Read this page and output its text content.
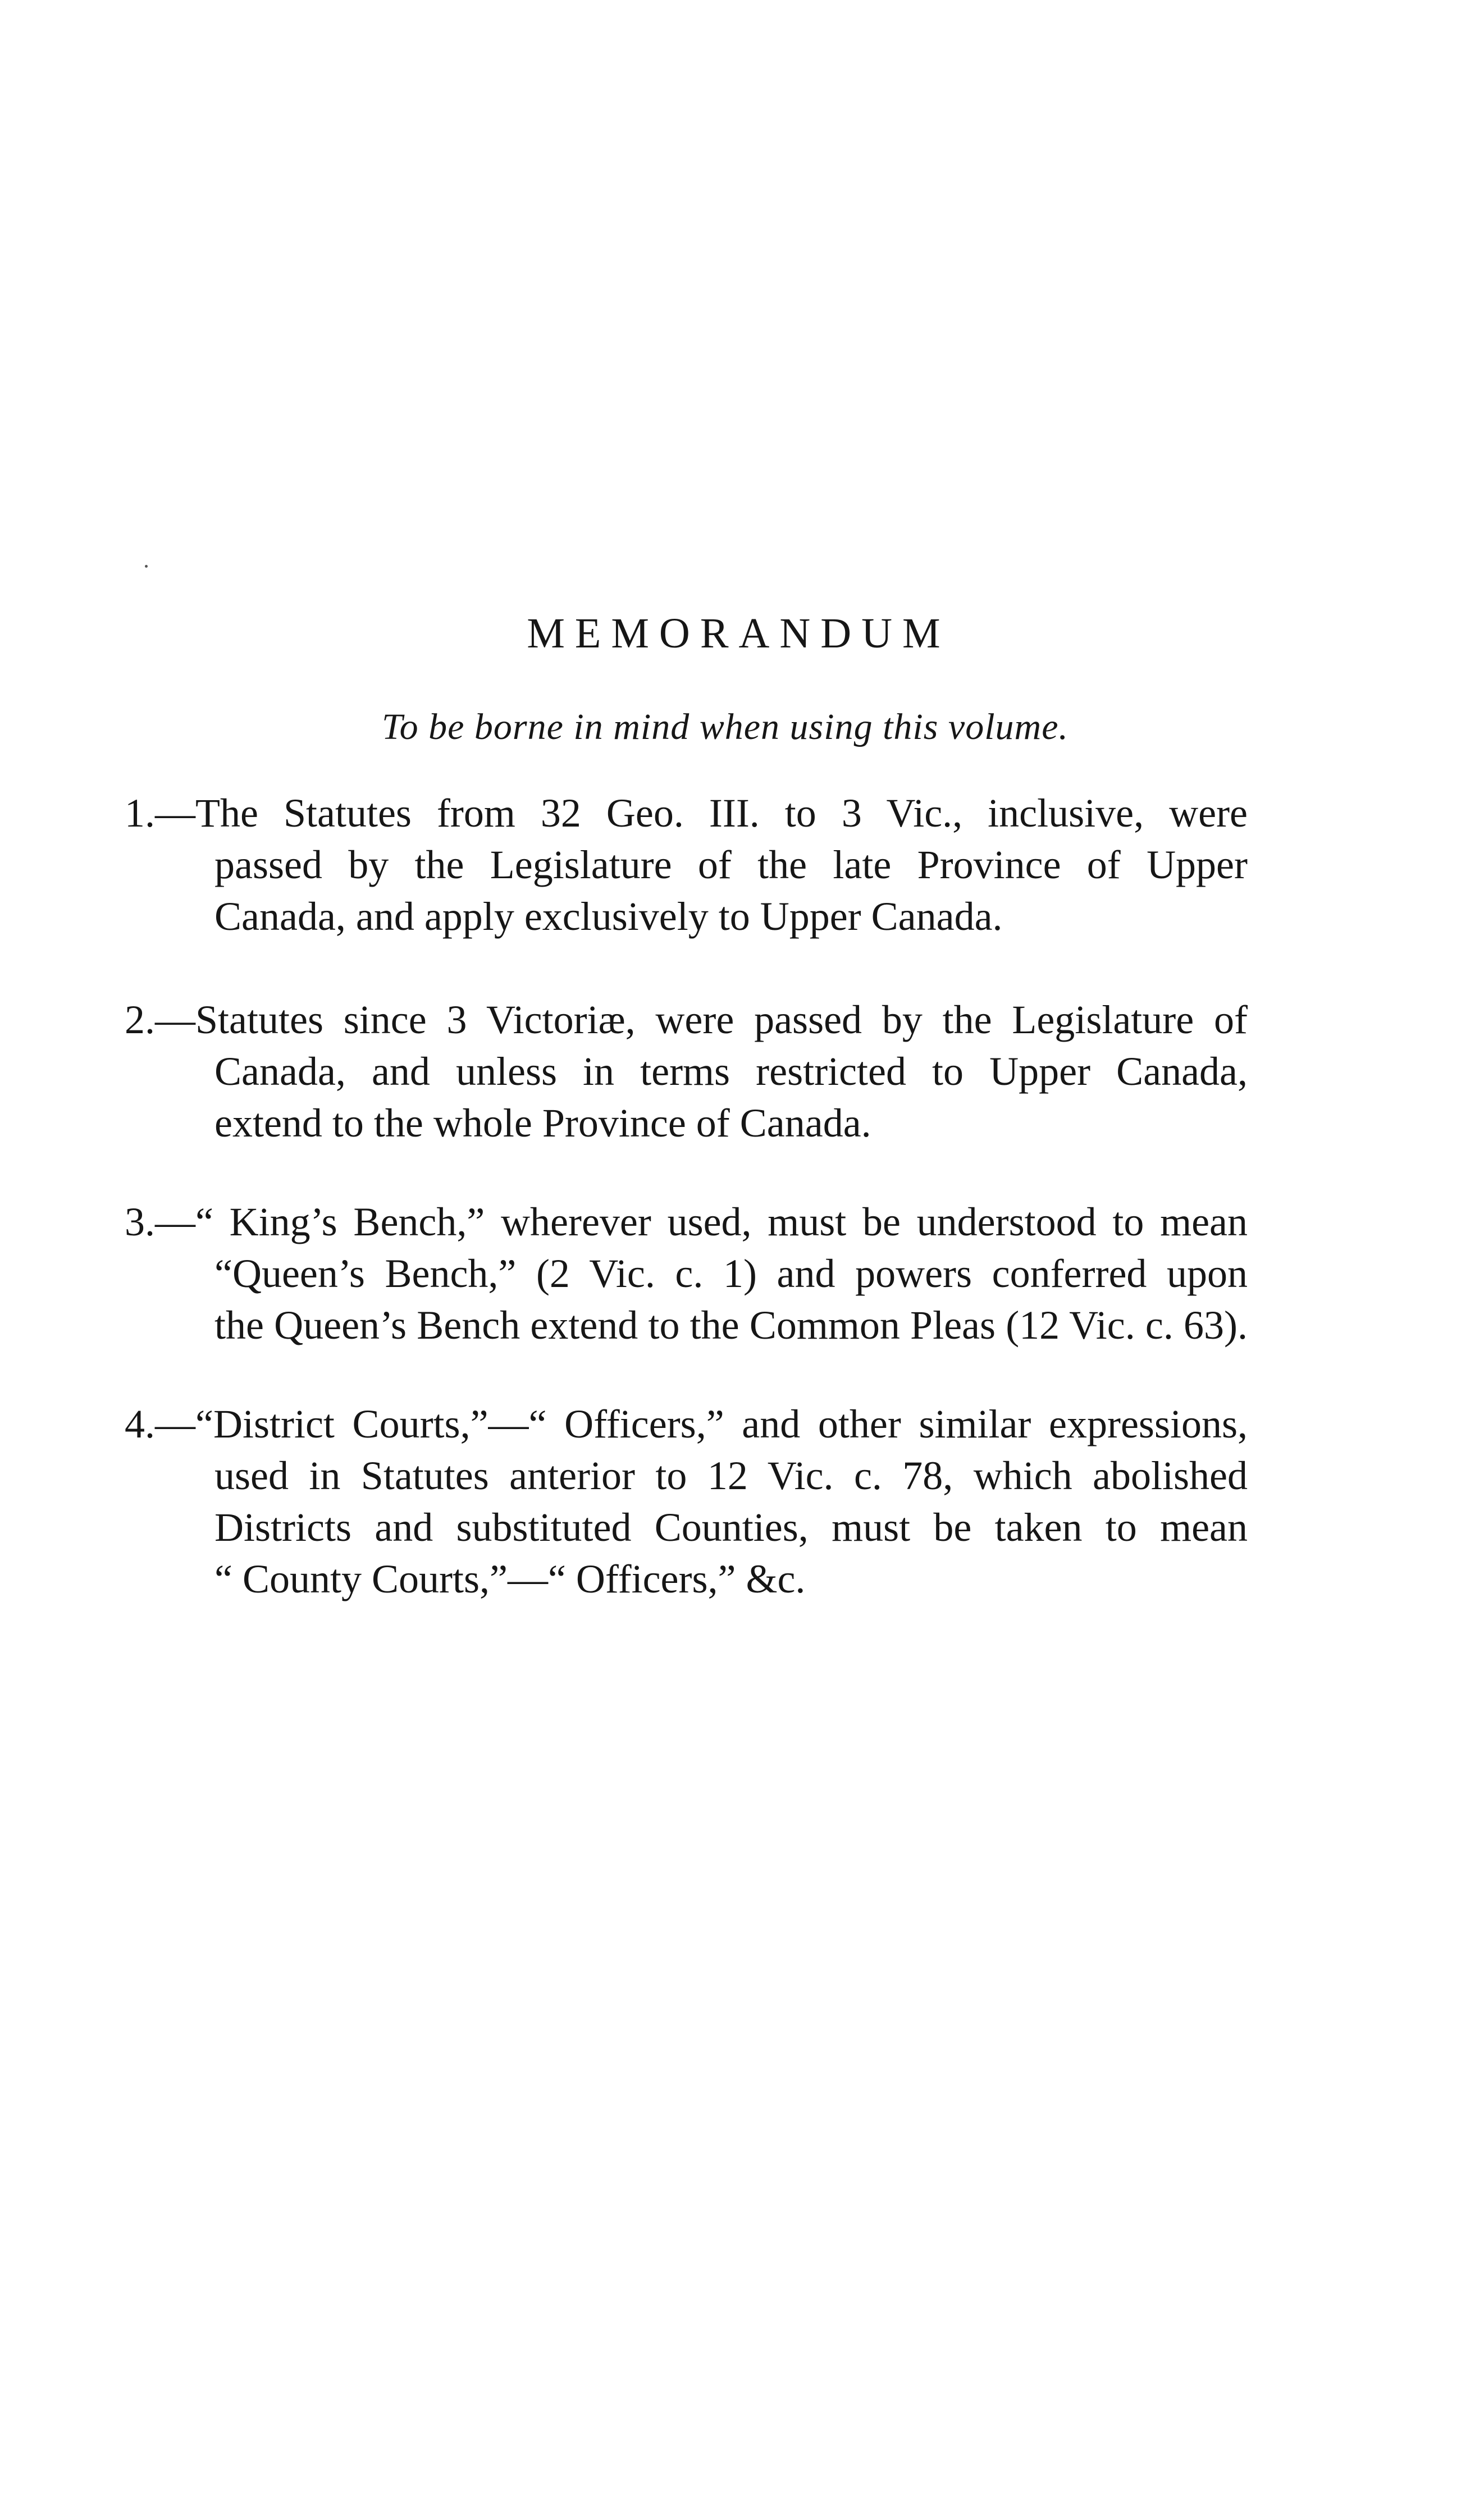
MEMORANDUM
To be borne in mind when using this volume.
1.—The Statutes from 32 Geo. III. to 3 Vic., inclusive, were
passed by the Legislature of the late Province of Upper
Canada, and apply exclusively to Upper Canada.
2.—Statutes since 3 Victoriæ, were passed by the Legislature of
Canada, and unless in terms restricted to Upper Canada,
extend to the whole Province of Canada.
3.—“ King’s Bench,” wherever used, must be understood to mean
“Queen’s Bench,” (2 Vic. c. 1) and powers conferred upon
the Queen’s Bench extend to the Common Pleas (12 Vic. c. 63).
4.—“District Courts,”—“ Officers,” and other similar expressions,
used in Statutes anterior to 12 Vic. c. 78, which abolished
Districts and substituted Counties, must be taken to mean
“ County Courts,”—“ Officers,” &c.
